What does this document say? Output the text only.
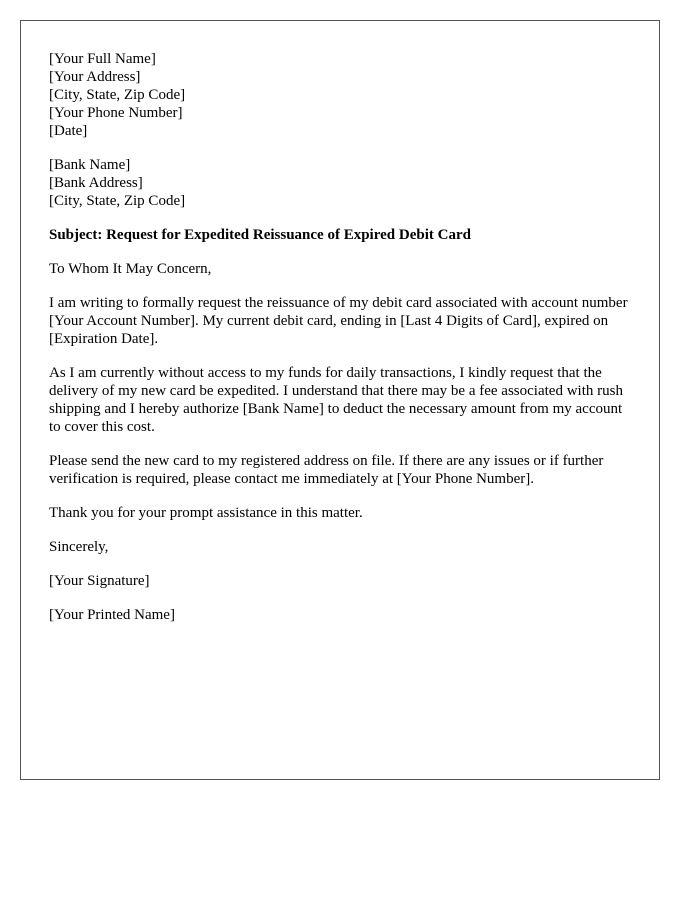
[Your Full Name]
[Your Address]
[City, State, Zip Code]
[Your Phone Number]
[Date]
[Bank Name]
[Bank Address]
[City, State, Zip Code]

Subject: Request for Expedited Reissuance of Expired Debit Card

To Whom It May Concern,

I am writing to formally request the reissuance of my debit card associated with account number [Your Account Number]. My current debit card, ending in [Last 4 Digits of Card], expired on [Expiration Date].

As I am currently without access to my funds for daily transactions, I kindly request that the delivery of my new card be expedited. I understand that there may be a fee associated with rush shipping and I hereby authorize [Bank Name] to deduct the necessary amount from my account to cover this cost.

Please send the new card to my registered address on file. If there are any issues or if further verification is required, please contact me immediately at [Your Phone Number].

Thank you for your prompt assistance in this matter.

Sincerely,

[Your Signature]

[Your Printed Name]
